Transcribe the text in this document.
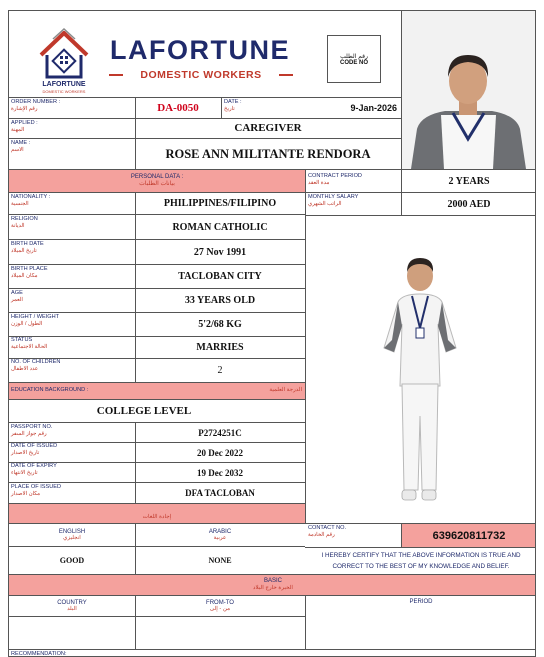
LAFORTUNE
DOMESTIC WORKERS
LAFORTUNE
DOMESTIC WORKERS
رقم الطلب
CODE NO
ORDER NUMBER :
رقم الإشارة	DA-0050	DATE :
تاريخ	9-Jan-2026
APPLIED :
المهنة	CAREGIVER
NAME :
الاسم	ROSE ANN MILITANTE RENDORA
PERSONAL DATA :
بيانات الطلبات
CONTRACT PERIOD
مدة العقد	2 YEARS
MONTHLY SALARY
الراتب الشهري	2000 AED
NATIONALITY :
الجنسية	PHILIPPINES/FILIPINO
RELIGION
الديانة	ROMAN CATHOLIC
BIRTH DATE
تاريخ الميلاد	27 Nov 1991
BIRTH PLACE
مكان الميلاد	TACLOBAN CITY
AGE
العمر	33 YEARS OLD
HEIGHT / WEIGHT
الطول / الوزن	5'2/68 KG
STATUS
الحالة الاجتماعية	MARRIES
NO. OF CHILDREN
عدد الاطفال	2
EDUCATION BACKGROUND :	الدرجة العلمية
COLLEGE LEVEL
PASSPORT NO.
رقم جواز السفر	P2724251C
DATE OF ISSUED
تاريخ الاصدار	20 Dec 2022
DATE OF EXPIRY
تاريخ الانتهاء	19 Dec 2032
PLACE OF ISSUED
مكان الاصدار	DFA TACLOBAN
إجادة اللغات
ENGLISH
انجليزي
ARABIC
عربية
GOOD	NONE
CONTACT NO.
رقم الخادمة	639620811732
I HEREBY CERTIFY THAT THE ABOVE INFORMATION IS TRUE AND CORRECT TO THE BEST OF MY KNOWLEDGE AND BELIEF.
BASIC
الخبرة خارج البلاد
COUNTRY
البلد
FROM-TO
من - إلى
PERIOD
RECOMMENDATION:
